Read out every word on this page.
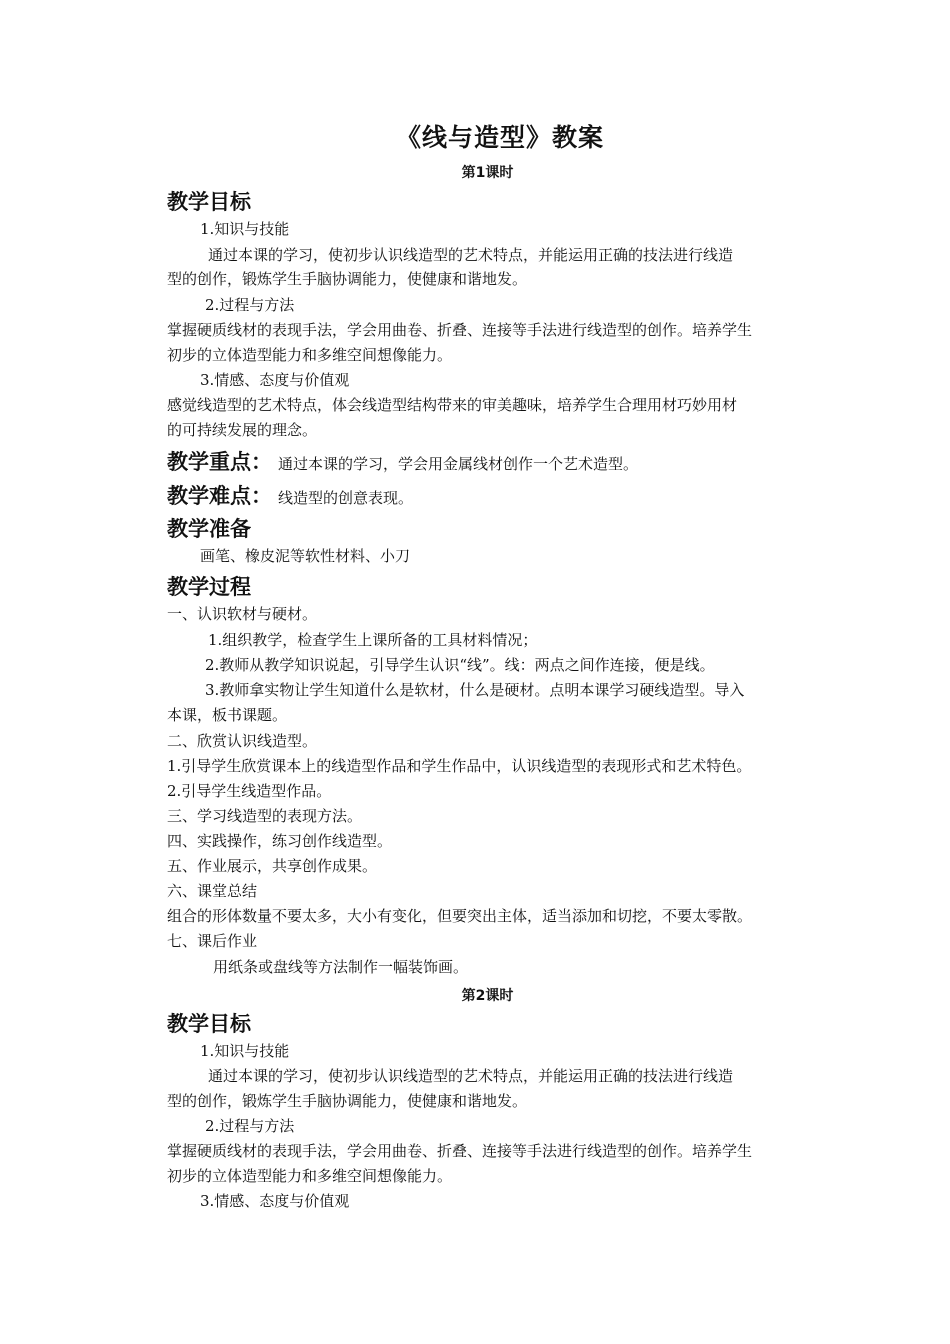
《线与造型》教案
第1课时
教学目标
1.知识与技能
通过本课的学习，使初步认识线造型的艺术特点，并能运用正确的技法进行线造
型的创作，锻炼学生手脑协调能力，使健康和谐地发。
2.过程与方法
掌握硬质线材的表现手法，学会用曲卷、折叠、连接等手法进行线造型的创作。培养学生
初步的立体造型能力和多维空间想像能力。
3.情感、态度与价值观
感觉线造型的艺术特点，体会线造型结构带来的审美趣味，培养学生合理用材巧妙用材
的可持续发展的理念。
教学重点： 通过本课的学习，学会用金属线材创作一个艺术造型。
教学难点： 线造型的创意表现。
教学准备
画笔、橡皮泥等软性材料、小刀
教学过程
一、认识软材与硬材。
1.组织教学，检查学生上课所备的工具材料情况；
2.教师从教学知识说起，引导学生认识“线”。线：两点之间作连接，便是线。
3.教师拿实物让学生知道什么是软材，什么是硬材。点明本课学习硬线造型。导入
本课，板书课题。
二、欣赏认识线造型。
1.引导学生欣赏课本上的线造型作品和学生作品中，认识线造型的表现形式和艺术特色。
2.引导学生线造型作品。
三、学习线造型的表现方法。
四、实践操作，练习创作线造型。
五、作业展示，共享创作成果。
六、课堂总结
组合的形体数量不要太多，大小有变化，但要突出主体，适当添加和切挖，不要太零散。
七、课后作业
用纸条或盘线等方法制作一幅装饰画。
第2课时
教学目标
1.知识与技能
通过本课的学习，使初步认识线造型的艺术特点，并能运用正确的技法进行线造
型的创作，锻炼学生手脑协调能力，使健康和谐地发。
2.过程与方法
掌握硬质线材的表现手法，学会用曲卷、折叠、连接等手法进行线造型的创作。培养学生
初步的立体造型能力和多维空间想像能力。
3.情感、态度与价值观
